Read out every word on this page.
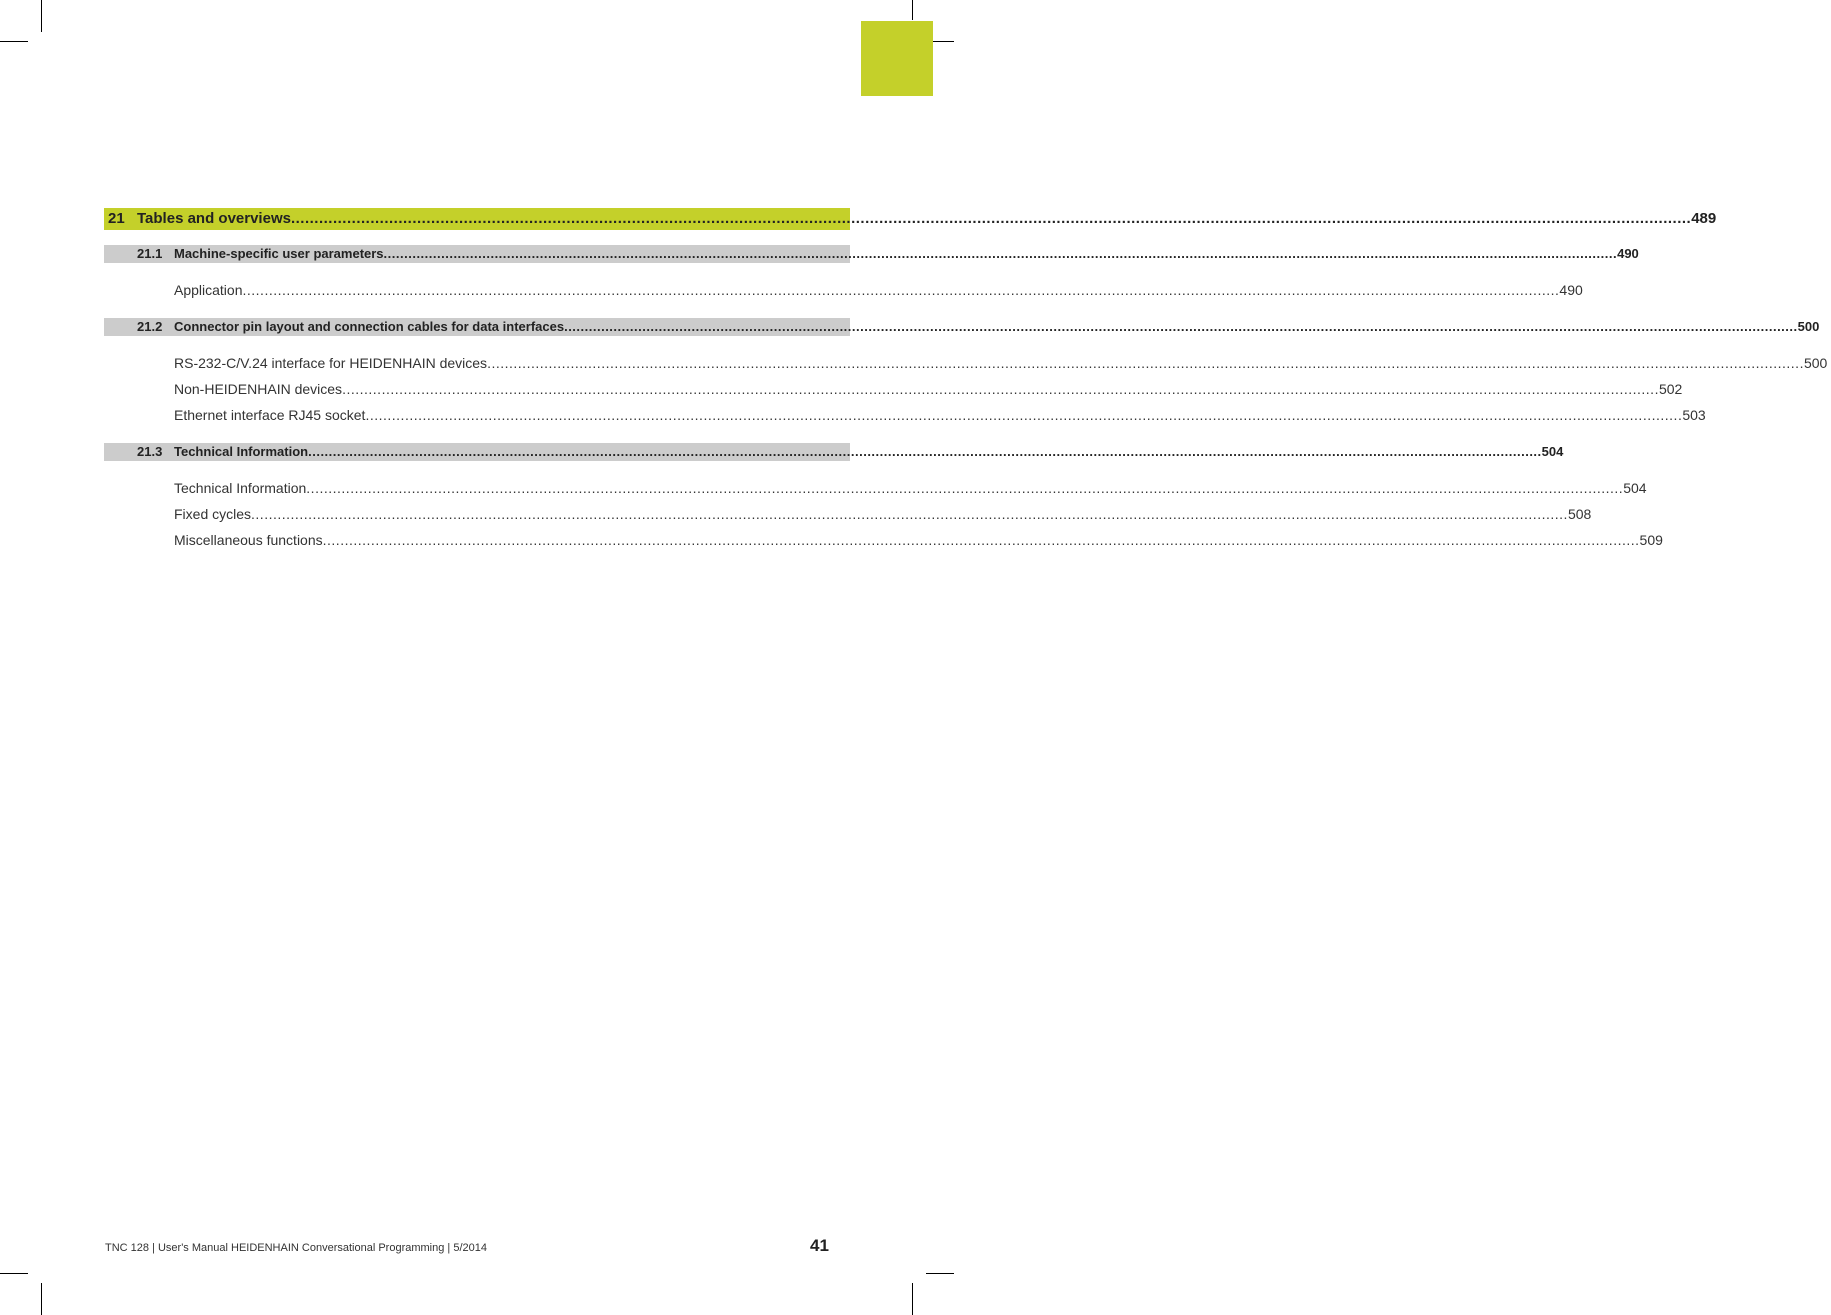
21 Tables and overviews ............................................................................................................................................................................................................................................................................................................ 489
21.1 Machine-specific user parameters ............................................................................................................................................................................................................................................................................................................ 490
Application ............................................................................................................................................................................................................................................................................................................ 490
21.2 Connector pin layout and connection cables for data interfaces ............................................................................................................................................................................................................................................................................................................ 500
RS-232-C/V.24 interface for HEIDENHAIN devices ............................................................................................................................................................................................................................................................................................................ 500
Non-HEIDENHAIN devices ............................................................................................................................................................................................................................................................................................................ 502
Ethernet interface RJ45 socket ............................................................................................................................................................................................................................................................................................................ 503
21.3 Technical Information ............................................................................................................................................................................................................................................................................................................ 504
Technical Information ............................................................................................................................................................................................................................................................................................................ 504
Fixed cycles ............................................................................................................................................................................................................................................................................................................ 508
Miscellaneous functions ............................................................................................................................................................................................................................................................................................................ 509
TNC 128 | User's Manual HEIDENHAIN Conversational Programming | 5/2014	41
